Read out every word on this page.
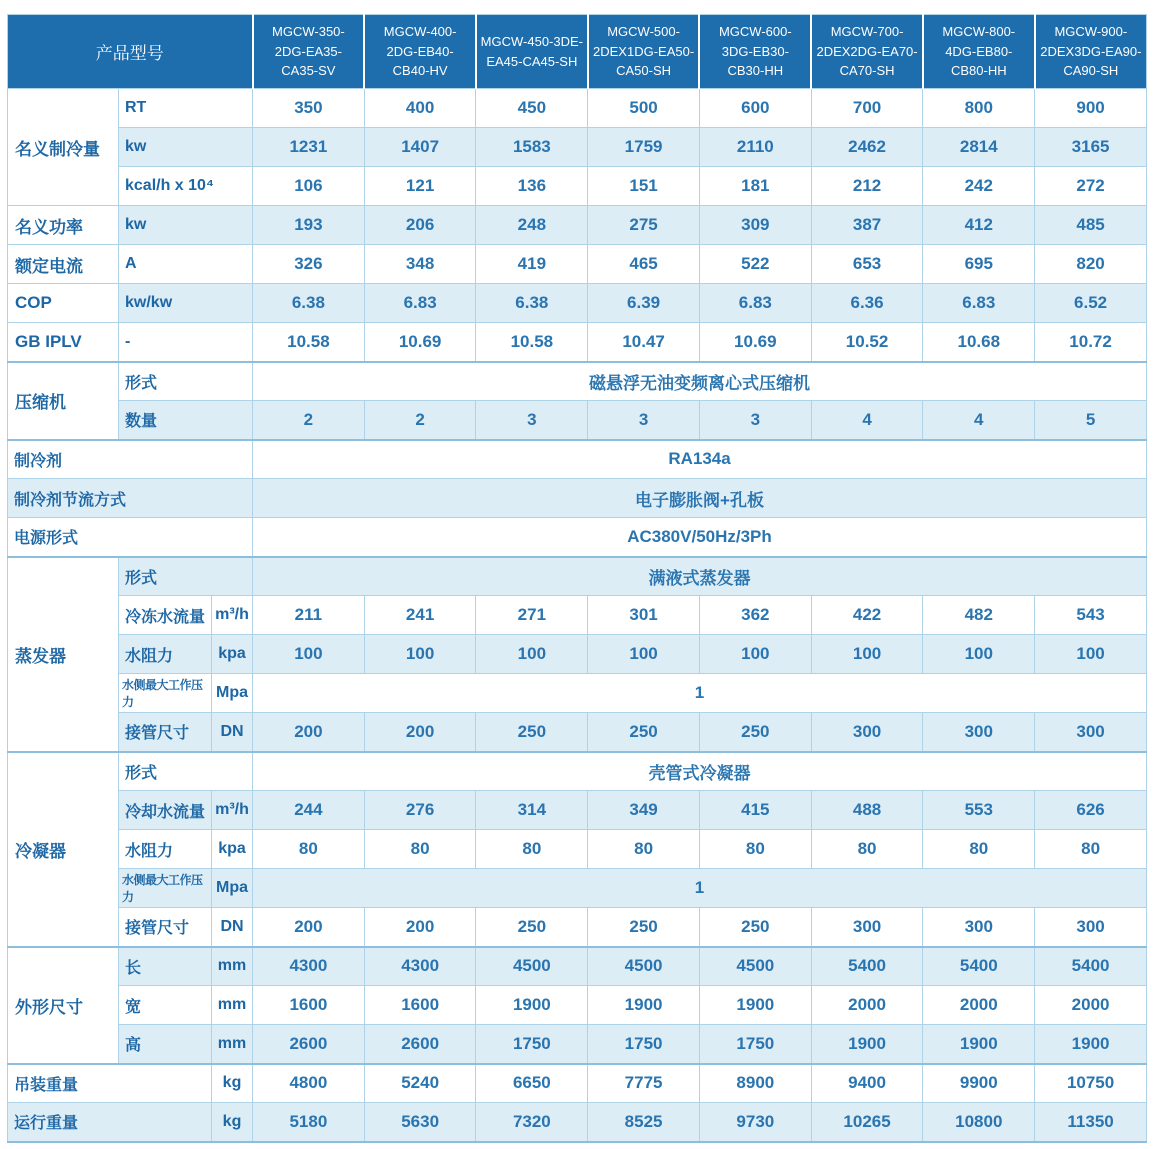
产品型号			MGCW-350-2DG-EA35-CA35-SV	MGCW-400-2DG-EB40-CB40-HV	MGCW-450-3DE-EA45-CA45-SH	MGCW-500-2DEX1DG-EA50-CA50-SH	MGCW-600-3DG-EB30-CB30-HH	MGCW-700-2DEX2DG-EA70-CA70-SH	MGCW-800-4DG-EB80-CB80-HH	MGCW-900-2DEX3DG-EA90-CA90-SH
名义制冷量	RT		350	400	450	500	600	700	800	900
	kw		1231	1407	1583	1759	2110	2462	2814	3165
	kcal/h x 10⁴		106	121	136	151	181	212	242	272
名义功率	kw		193	206	248	275	309	387	412	485
额定电流	A		326	348	419	465	522	653	695	820
COP	kw/kw		6.38	6.83	6.38	6.39	6.83	6.36	6.83	6.52
GB IPLV	-		10.58	10.69	10.58	10.47	10.69	10.52	10.68	10.72
压缩机	形式		磁悬浮无油变频离心式压缩机							
	数量		2	2	3	3	3	4	4	5
制冷剂			RA134a							
制冷剂节流方式			电子膨胀阀+孔板							
电源形式			AC380V/50Hz/3Ph							
蒸发器	形式		满液式蒸发器							
	冷冻水流量	m³/h	211	241	271	301	362	422	482	543
	水阻力	kpa	100	100	100	100	100	100	100	100
	水侧最大工作压力	Mpa	1							
	接管尺寸	DN	200	200	250	250	250	300	300	300
冷凝器	形式		壳管式冷凝器							
	冷却水流量	m³/h	244	276	314	349	415	488	553	626
	水阻力	kpa	80	80	80	80	80	80	80	80
	水侧最大工作压力	Mpa	1							
	接管尺寸	DN	200	200	250	250	250	300	300	300
外形尺寸	长	mm	4300	4300	4500	4500	4500	5400	5400	5400
	宽	mm	1600	1600	1900	1900	1900	2000	2000	2000
	高	mm	2600	2600	1750	1750	1750	1900	1900	1900
吊装重量		kg	4800	5240	6650	7775	8900	9400	9900	10750
运行重量		kg	5180	5630	7320	8525	9730	10265	10800	11350
